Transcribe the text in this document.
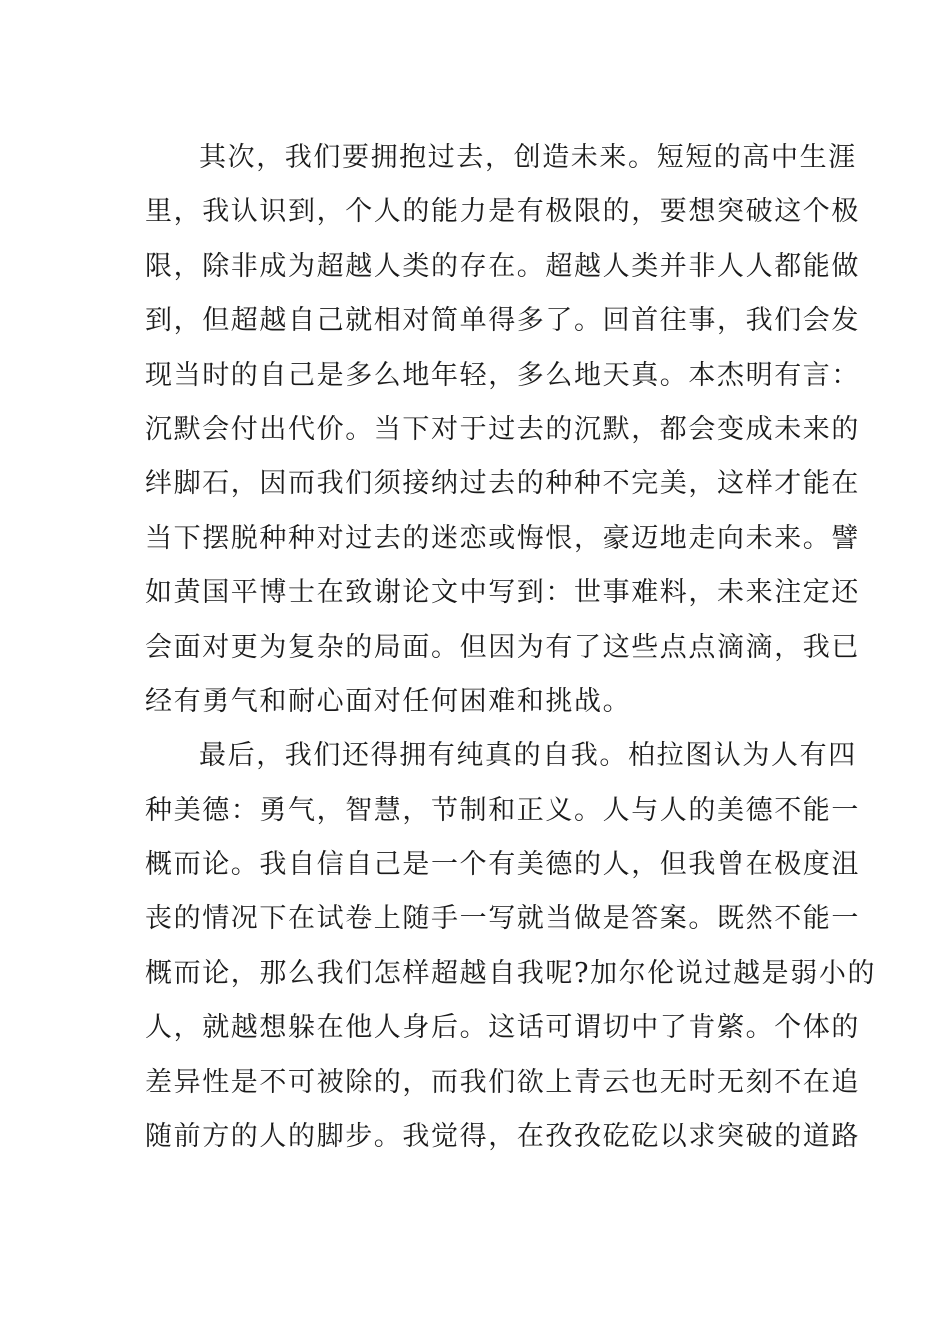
其次，我们要拥抱过去，创造未来。短短的高中生涯
里，我认识到，个人的能力是有极限的，要想突破这个极
限，除非成为超越人类的存在。超越人类并非人人都能做
到，但超越自己就相对简单得多了。回首往事，我们会发
现当时的自己是多么地年轻，多么地天真。本杰明有言：
沉默会付出代价。当下对于过去的沉默，都会变成未来的
绊脚石，因而我们须接纳过去的种种不完美，这样才能在
当下摆脱种种对过去的迷恋或悔恨，豪迈地走向未来。譬
如黄国平博士在致谢论文中写到：世事难料，未来注定还
会面对更为复杂的局面。但因为有了这些点点滴滴，我已
经有勇气和耐心面对任何困难和挑战。
最后，我们还得拥有纯真的自我。柏拉图认为人有四
种美德：勇气，智慧，节制和正义。人与人的美德不能一
概而论。我自信自己是一个有美德的人，但我曾在极度沮
丧的情况下在试卷上随手一写就当做是答案。既然不能一
概而论，那么我们怎样超越自我呢?加尔伦说过越是弱小的
人，就越想躲在他人身后。这话可谓切中了肯綮。个体的
差异性是不可被除的，而我们欲上青云也无时无刻不在追
随前方的人的脚步。我觉得，在孜孜矻矻以求突破的道路
